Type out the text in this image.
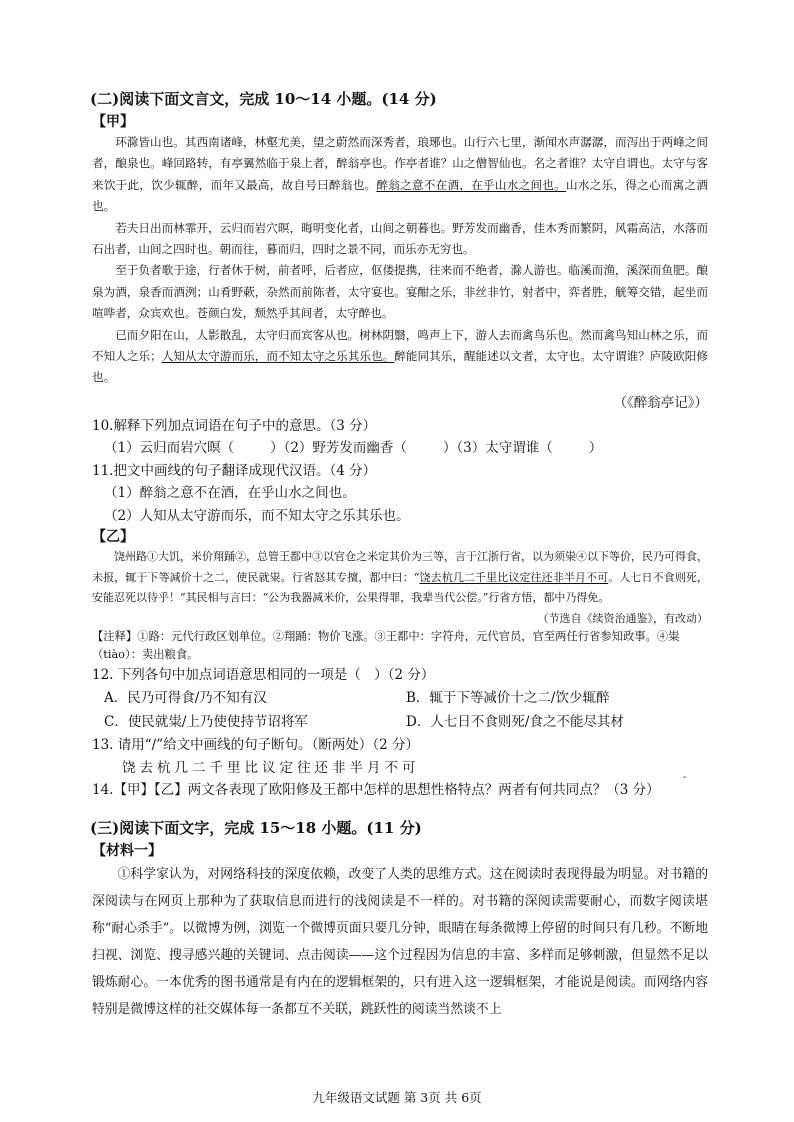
(二)阅读下面文言文，完成 10～14 小题。(14 分)
【甲】

环滁皆山也。其西南诸峰，林壑尤美，望之蔚然而深秀者，琅琊也。山行六七里，渐闻水声潺潺，而泻出于两峰之间者，酿泉也。峰回路转，有亭翼然临于泉上者，醉翁亭也。作亭者谁？山之僧智仙也。名之者谁？太守自谓也。太守与客来饮于此，饮少辄醉，而年又最高，故自号曰醉翁也。醉翁之意不在酒，在乎山水之间也。山水之乐，得之心而寓之酒也。

若夫日出而林霏开，云归而岩穴暝，晦明变化者，山间之朝暮也。野芳发而幽香，佳木秀而繁阴，风霜高洁，水落而石出者，山间之四时也。朝而往，暮而归，四时之景不同，而乐亦无穷也。

至于负者歌于途，行者休于树，前者呼，后者应，伛偻提携，往来而不绝者，滁人游也。临溪而渔，溪深而鱼肥。酿泉为酒，泉香而酒洌；山肴野蔌，杂然而前陈者，太守宴也。宴酣之乐，非丝非竹，射者中，弈者胜，觥筹交错，起坐而喧哗者，众宾欢也。苍颜白发，颓然乎其间者，太守醉也。

已而夕阳在山，人影散乱，太守归而宾客从也。树林阴翳，鸣声上下，游人去而禽鸟乐也。然而禽鸟知山林之乐，而不知人之乐；人知从太守游而乐，而不知太守之乐其乐也。醉能同其乐，醒能述以文者，太守也。太守谓谁？庐陵欧阳修也。

（《醉翁亭记》）
10.解释下列加点词语在句子中的意思。（3 分）
（1）云归而岩穴暝（	）（2）野芳发而幽香（	）（3）太守谓谁（	）
11.把文中画线的句子翻译成现代汉语。（4 分）
（1）醉翁之意不在酒，在乎山水之间也。
（2）人知从太守游而乐，而不知太守之乐其乐也。
【乙】

饶州路①大饥，米价翔踊②，总管王都中③以官仓之米定其价为三等，言于江浙行省，以为须粜④以下等价，民乃可得食，未报，辄于下等减价十之二，使民就粜。行省怒其专擅，都中曰：“饶去杭几二千里比议定往还非半月不可。人七日不食则死，安能忍死以待乎！”其民相与言曰：“公为我器减米价，公果得罪，我辈当代公偿。”行省方悟，都中乃得免。

（节选自《续资治通鉴》，有改动）

【注释】①路：元代行政区划单位。②翔踊：物价飞涨。③王都中：字符舟，元代官员，官至两任行省参知政事。④粜（tiào）：卖出粮食。

12. 下列各句中加点词语意思相同的一项是（　）（2 分）
A．民乃可得食/乃不知有汉	B．辄于下等减价十之二/饮少辄醉
C．使民就粜/上乃使使持节诏将军	D．人七日不食则死/食之不能尽其材
13. 请用“/”给文中画线的句子断句。（断两处）（2 分）
饶去杭几二千里比议定往还非半月不可
14.【甲】【乙】两文各表现了欧阳修及王都中怎样的思想性格特点？两者有何共同点？（3 分）
(三)阅读下面文字，完成 15～18 小题。(11 分)
【材料一】

①科学家认为，对网络科技的深度依赖，改变了人类的思维方式。这在阅读时表现得最为明显。对书籍的深阅读与在网页上那种为了获取信息而进行的浅阅读是不一样的。对书籍的深阅读需要耐心，而数字阅读堪称“耐心杀手”。以微博为例，浏览一个微博页面只要几分钟，眼睛在每条微博上停留的时间只有几秒。不断地扫视、浏览、搜寻感兴趣的关键词、点击阅读——这个过程因为信息的丰富、多样而足够刺激，但显然不足以锻炼耐心。一本优秀的图书通常是有内在的逻辑框架的，只有进入这一逻辑框架，才能说是阅读。而网络内容特别是微博这样的社交媒体每一条都互不关联，跳跃性的阅读当然谈不上

-
九年级语文试题 第 3页 共 6页
